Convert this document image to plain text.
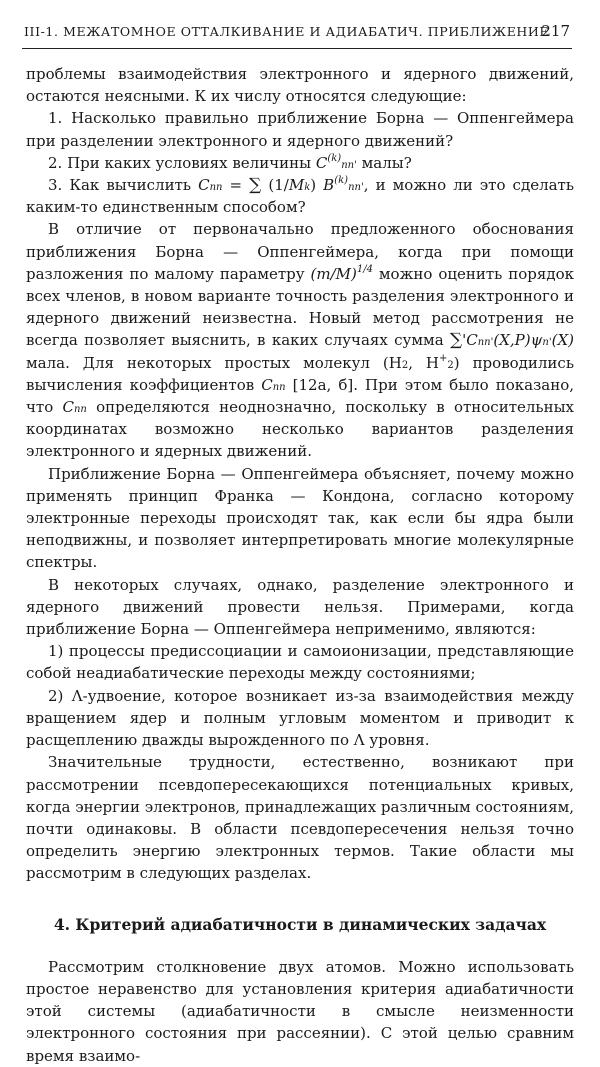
III-1. МЕЖАТОМНОЕ ОТТАЛКИВАНИЕ И АДИАБАТИЧ. ПРИБЛИЖЕНИЕ
217

проблемы взаимодействия электронного и ядерного движений, остаются неясными. К их числу относятся следующие:

1. Насколько правильно приближение Борна — Оппенгеймера при разделении электронного и ядерного движений?

2. При каких условиях величины $C^{(k)}_{nn'}$ малы?

3. Как вычислить $C_{nn}$ = ∑ $(1/M_k)$ $B^{(k)}_{nn'}$, и можно ли это сделать каким-то единственным способом?

В отличие от первоначально предложенного обоснования приближения Борна — Оппенгеймера, когда при помощи разложения по малому параметру $(m/M)^{1/4}$ можно оценить порядок всех членов, в новом варианте точность разделения электронного и ядерного движений неизвестна. Новый метод рассмотрения не всегда позволяет выяснить, в каких случаях сумма $\sum'C_{nn'}(X,P)\psi_{n'}(X)$ мала. Для некоторых простых молекул ($H_2$, $H^+_2$) проводились вычисления коэффициентов $C_{nn}$ [12а, б]. При этом было показано, что $C_{nn}$ определяются неоднозначно, поскольку в относительных координатах возможно несколько вариантов разделения электронного и ядерных движений.

Приближение Борна — Оппенгеймера объясняет, почему можно применять принцип Франка — Кондона, согласно которому электронные переходы происходят так, как если бы ядра были неподвижны, и позволяет интерпретировать многие молекулярные спектры.

В некоторых случаях, однако, разделение электронного и ядерного движений провести нельзя. Примерами, когда приближение Борна — Оппенгеймера неприменимо, являются:

1) процессы предиссоциации и самоионизации, представляющие собой неадиабатические переходы между состояниями;

2) Λ-удвоение, которое возникает из-за взаимодействия между вращением ядер и полным угловым моментом и приводит к расщеплению дважды вырожденного по Λ уровня.

Значительные трудности, естественно, возникают при рассмотрении псевдопересекающихся потенциальных кривых, когда энергии электронов, принадлежащих различным состояниям, почти одинаковы. В области псевдопересечения нельзя точно определить энергию электронных термов. Такие области мы рассмотрим в следующих разделах.

4. Критерий адиабатичности в динамических задачах

Рассмотрим столкновение двух атомов. Можно использовать простое неравенство для установления критерия адиабатичности этой системы (адиабатичности в смысле неизменности электронного состояния при рассеянии). С этой целью сравним время взаимо-
